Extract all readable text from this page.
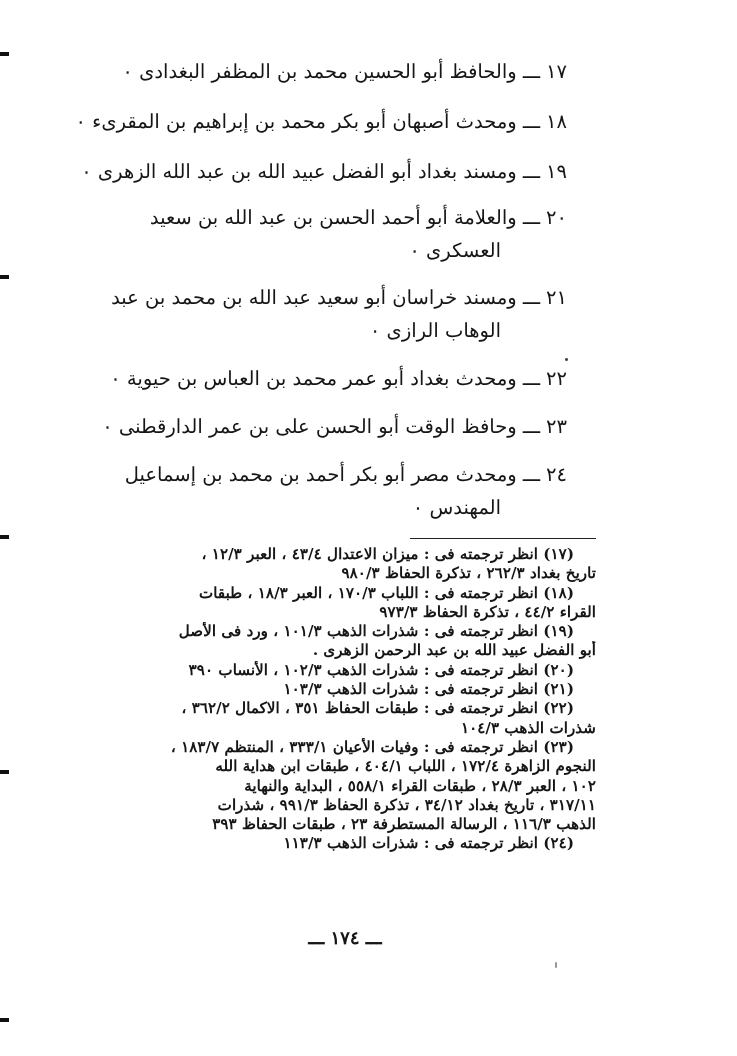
١٧ـــ والحافظ أبو الحسين محمد بن المظفر البغدادى ٠
١٨ـــ ومحدث أصبهان أبو بكر محمد بن إبراهيم بن المقرىء ٠
١٩ـــ ومسند بغداد أبو الفضل عبيد الله بن عبد الله الزهرى ٠
٢٠ـــ والعلامة أبو أحمد الحسن بن عبد الله بن سعيد
العسكرى ٠
٢١ـــ ومسند خراسان أبو سعيد عبد الله بن محمد بن عبد
الوهاب الرازى ٠
٢٢ـــ ومحدث بغداد أبو عمر محمد بن العباس بن حيوية ٠
٢٣ـــ وحافظ الوقت أبو الحسن على بن عمر الدارقطنى ٠
٢٤ـــ ومحدث مصر أبو بكر أحمد بن محمد بن إسماعيل
المهندس ٠
(١٧) انظر ترجمته فى : ميزان الاعتدال ٤٣/٤ ، العبر ١٢/٣ ،
تاريخ بغداد ٢٦٢/٣ ، تذكرة الحفاظ ٩٨٠/٣
(١٨) انظر ترجمته فى : اللباب ١٧٠/٣ ، العبر ١٨/٣ ، طبقات
القراء ٤٤/٢ ، تذكرة الحفاظ ٩٧٣/٣
(١٩) انظر ترجمته فى : شذرات الذهب ١٠١/٣ ، ورد فى الأصل
أبو الفضل عبيد الله بن عبد الرحمن الزهرى .
(٢٠) انظر ترجمته فى : شذرات الذهب ١٠٢/٣ ، الأنساب ٣٩٠
(٢١) انظر ترجمته فى : شذرات الذهب ١٠٣/٣
(٢٢) انظر ترجمته فى : طبقات الحفاظ ٣٥١ ، الاكمال ٣٦٢/٢ ،
شذرات الذهب ١٠٤/٣
(٢٣) انظر ترجمته فى : وفيات الأعيان ٣٣٣/١ ، المنتظم ١٨٣/٧ ،
النجوم الزاهرة ١٧٢/٤ ، اللباب ٤٠٤/١ ، طبقات ابن هداية الله
١٠٢ ، العبر ٢٨/٣ ، طبقات القراء ٥٥٨/١ ، البداية والنهاية
٣١٧/١١ ، تاريخ بغداد ٣٤/١٢ ، تذكرة الحفاظ ٩٩١/٣ ، شذرات
الذهب ١١٦/٣ ، الرسالة المستطرفة ٢٣ ، طبقات الحفاظ ٣٩٣
(٢٤) انظر ترجمته فى : شذرات الذهب ١١٣/٣
ـــ ١٧٤ ـــ
